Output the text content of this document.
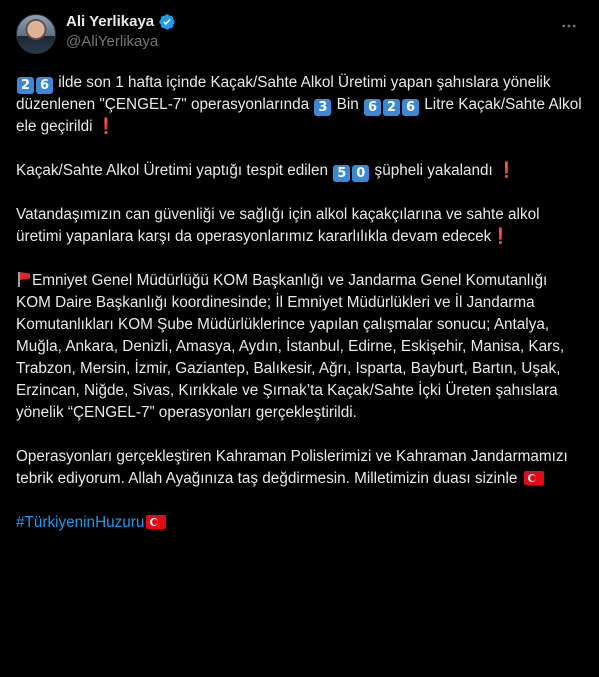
Ali Yerlikaya
@AliYerlikaya

2 6 ilde son 1 hafta içinde Kaçak/Sahte Alkol Üretimi yapan şahıslara yönelik düzenlenen "ÇENGEL-7" operasyonlarında 3 Bin 6 2 6 Litre Kaçak/Sahte Alkol ele geçirildi ❗

Kaçak/Sahte Alkol Üretimi yaptığı tespit edilen 5 0 şüpheli yakalandı ❗

Vatandaşımızın can güvenliği ve sağlığı için alkol kaçakçılarına ve sahte alkol üretimi yapanlara karşı da operasyonlarımız kararlılıkla devam edecek❗

Emniyet Genel Müdürlüğü KOM Başkanlığı ve Jandarma Genel Komutanlığı KOM Daire Başkanlığı koordinesinde; İl Emniyet Müdürlükleri ve İl Jandarma Komutanlıkları KOM Şube Müdürlüklerince yapılan çalışmalar sonucu; Antalya, Muğla, Ankara, Denizli, Amasya, Aydın, İstanbul, Edirne, Eskişehir, Manisa, Kars, Trabzon, Mersin, İzmir, Gaziantep, Balıkesir, Ağrı, Isparta, Bayburt, Bartın, Uşak, Erzincan, Niğde, Sivas, Kırıkkale ve Şırnak’ta Kaçak/Sahte İçki Üreten şahıslara yönelik “ÇENGEL-7” operasyonları gerçekleştirildi.

Operasyonları gerçekleştiren Kahraman Polislerimizi ve Kahraman Jandarmamızı tebrik ediyorum. Allah Ayağınıza taş değdirmesin. Milletimizin duası sizinle

#TürkiyeninHuzuru
